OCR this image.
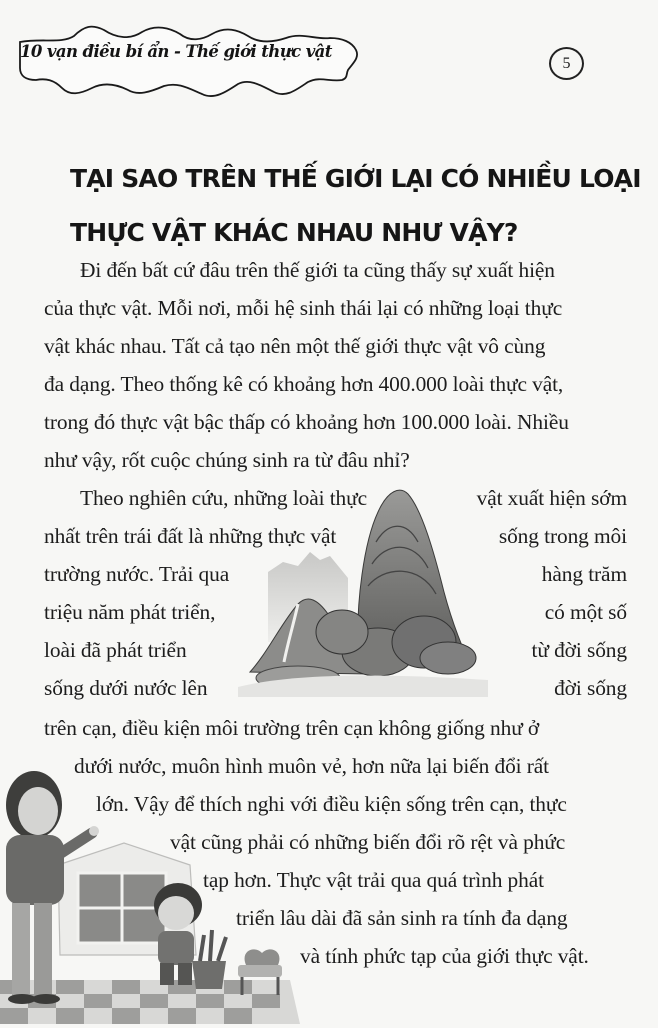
10 vạn điều bí ẩn - Thế giới thực vật
5
TẠI SAO TRÊN THẾ GIỚI LẠI CÓ NHIỀU LOẠI
THỰC VẬT KHÁC NHAU NHƯ VẬY?
Đi đến bất cứ đâu trên thế giới ta cũng thấy sự xuất hiện
của thực vật. Mỗi nơi, mỗi hệ sinh thái lại có những loại thực
vật khác nhau. Tất cả tạo nên một thế giới thực vật vô cùng
đa dạng. Theo thống kê có khoảng hơn 400.000 loài thực vật,
trong đó thực vật bậc thấp có khoảng hơn 100.000 loài. Nhiều
như vậy, rốt cuộc chúng sinh ra từ đâu nhỉ?
Theo nghiên cứu, những loài thực
nhất trên trái đất là những thực vật
trường nước. Trải qua
triệu năm phát triển,
loài đã phát triển
sống dưới nước lên
vật xuất hiện sớm
sống trong môi
hàng trăm
có một số
từ đời sống
đời sống
trên cạn, điều kiện môi trường trên cạn không giống như ở
dưới nước, muôn hình muôn vẻ, hơn nữa lại biến đổi rất
lớn. Vậy để thích nghi với điều kiện sống trên cạn, thực
vật cũng phải có những biến đổi rõ rệt và phức
tạp hơn. Thực vật trải qua quá trình phát
triển lâu dài đã sản sinh ra tính đa dạng
và tính phức tạp của giới thực vật.
